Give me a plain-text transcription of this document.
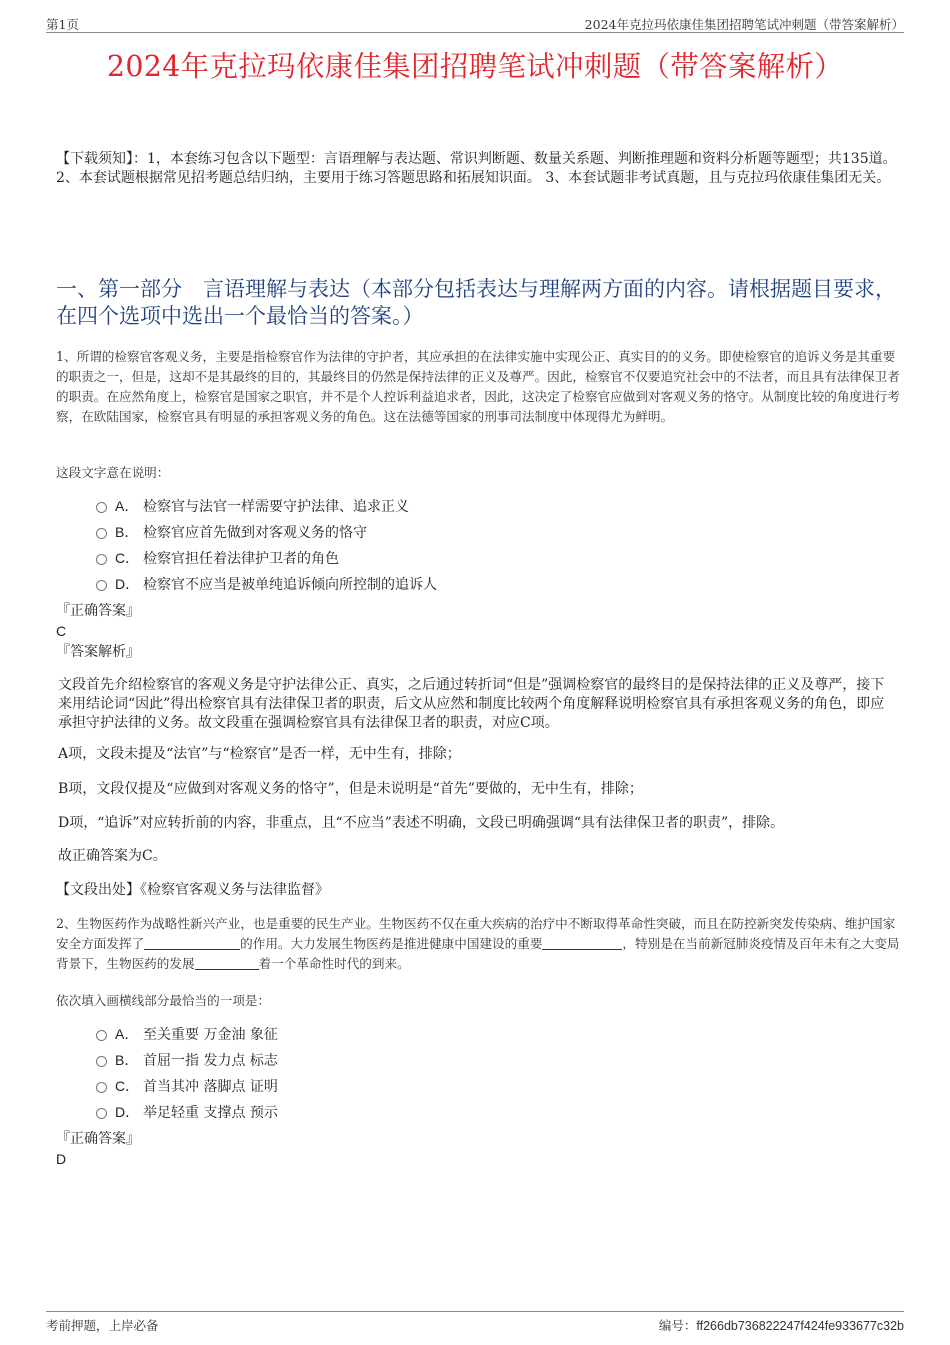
第1页	2024年克拉玛依康佳集团招聘笔试冲刺题（带答案解析）
2024年克拉玛依康佳集团招聘笔试冲刺题（带答案解析）
【下载须知】：1，本套练习包含以下题型：言语理解与表达题、常识判断题、数量关系题、判断推理题和资料分析题等题型；共135道。 2、本套试题根据常见招考题总结归纳，主要用于练习答题思路和拓展知识面。 3、本套试题非考试真题，且与克拉玛依康佳集团无关。
一、第一部分　言语理解与表达（本部分包括表达与理解两方面的内容。请根据题目要求，在四个选项中选出一个最恰当的答案。）
1、所谓的检察官客观义务，主要是指检察官作为法律的守护者，其应承担的在法律实施中实现公正、真实目的的义务。即使检察官的追诉义务是其重要的职责之一，但是，这却不是其最终的目的，其最终目的仍然是保持法律的正义及尊严。因此，检察官不仅要追究社会中的不法者，而且具有法律保卫者的职责。在应然角度上，检察官是国家之职官，并不是个人控诉利益追求者，因此，这决定了检察官应做到对客观义务的恪守。从制度比较的角度进行考察，在欧陆国家，检察官具有明显的承担客观义务的角色。这在法德等国家的刑事司法制度中体现得尤为鲜明。
这段文字意在说明：
A． 检察官与法官一样需要守护法律、追求正义
B． 检察官应首先做到对客观义务的恪守
C． 检察官担任着法律护卫者的角色
D． 检察官不应当是被单纯追诉倾向所控制的追诉人
『正确答案』
C
『答案解析』
文段首先介绍检察官的客观义务是守护法律公正、真实，之后通过转折词“但是”强调检察官的最终目的是保持法律的正义及尊严，接下来用结论词“因此”得出检察官具有法律保卫者的职责，后文从应然和制度比较两个角度解释说明检察官具有承担客观义务的角色，即应承担守护法律的义务。故文段重在强调检察官具有法律保卫者的职责，对应C项。
A项，文段未提及“法官”与“检察官”是否一样，无中生有，排除；
B项，文段仅提及“应做到对客观义务的恪守”，但是未说明是“首先”要做的，无中生有，排除；
D项，“追诉”对应转折前的内容，非重点，且“不应当”表述不明确，文段已明确强调“具有法律保卫者的职责”，排除。
故正确答案为C。
【文段出处】《检察官客观义务与法律监督》
2、生物医药作为战略性新兴产业，也是重要的民生产业。生物医药不仅在重大疾病的治疗中不断取得革命性突破，而且在防控新突发传染病、维护国家安全方面发挥了	的作用。大力发展生物医药是推进健康中国建设的重要	，特别是在当前新冠肺炎疫情及百年未有之大变局背景下，生物医药的发展	着一个革命性时代的到来。
依次填入画横线部分最恰当的一项是：
A． 至关重要 万金油 象征
B． 首屈一指 发力点 标志
C． 首当其冲 落脚点 证明
D． 举足轻重 支撑点 预示
『正确答案』
D
考前押题，上岸必备	编号：ff266db736822247f424fe933677c32b
